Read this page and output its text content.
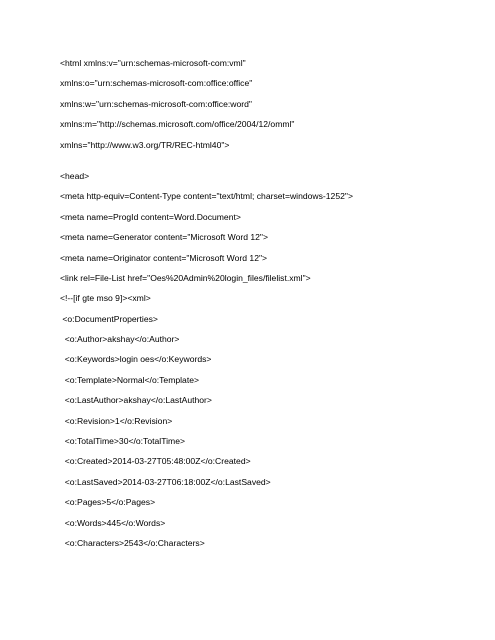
<html xmlns:v="urn:schemas-microsoft-com:vml"

xmlns:o="urn:schemas-microsoft-com:office:office"

xmlns:w="urn:schemas-microsoft-com:office:word"

xmlns:m="http://schemas.microsoft.com/office/2004/12/omml"

xmlns="http://www.w3.org/TR/REC-html40">

<head>

<meta http-equiv=Content-Type content="text/html; charset=windows-1252">

<meta name=ProgId content=Word.Document>

<meta name=Generator content="Microsoft Word 12">

<meta name=Originator content="Microsoft Word 12">

<link rel=File-List href="Oes%20Admin%20login_files/filelist.xml">

<!--[if gte mso 9]><xml>

<o:DocumentProperties>

<o:Author>akshay</o:Author>

<o:Keywords>login oes</o:Keywords>

<o:Template>Normal</o:Template>

<o:LastAuthor>akshay</o:LastAuthor>

<o:Revision>1</o:Revision>

<o:TotalTime>30</o:TotalTime>

<o:Created>2014-03-27T05:48:00Z</o:Created>

<o:LastSaved>2014-03-27T06:18:00Z</o:LastSaved>

<o:Pages>5</o:Pages>

<o:Words>445</o:Words>

<o:Characters>2543</o:Characters>
